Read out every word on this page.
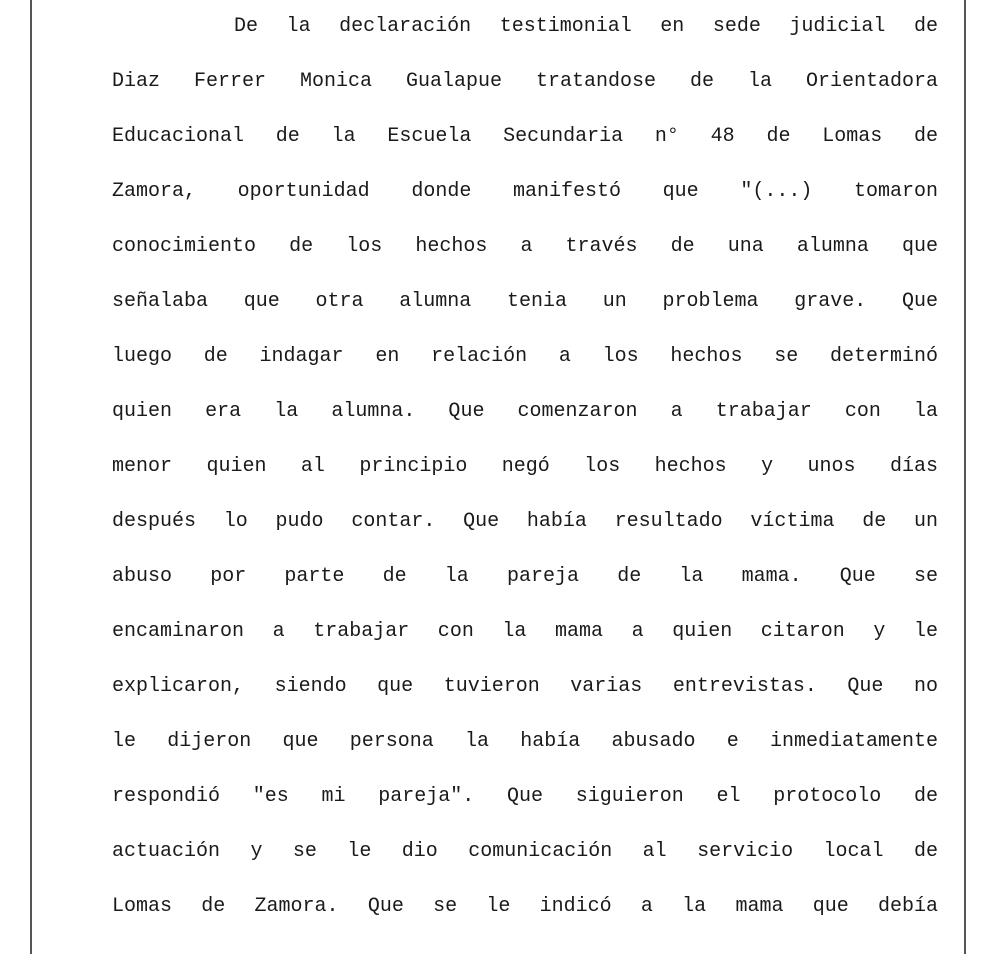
De la declaración testimonial en sede judicial de
Diaz Ferrer Monica Gualapue tratandose de la Orientadora
Educacional de la Escuela Secundaria n° 48 de Lomas de
Zamora, oportunidad donde manifestó que "(...) tomaron
conocimiento de los hechos a través de una alumna que
señalaba que otra alumna tenia un problema grave. Que
luego de indagar en relación a los hechos se determinó
quien era la alumna. Que comenzaron a trabajar con la
menor quien al principio negó los hechos y unos días
después lo pudo contar. Que había resultado víctima de un
abuso por parte de la pareja de la mama. Que se
encaminaron a trabajar con la mama a quien citaron y le
explicaron, siendo que tuvieron varias entrevistas. Que no
le dijeron que persona la había abusado e inmediatamente
respondió "es mi pareja". Que siguieron el protocolo de
actuación y se le dio comunicación al servicio local de
Lomas de Zamora. Que se le indicó a la mama que debía
